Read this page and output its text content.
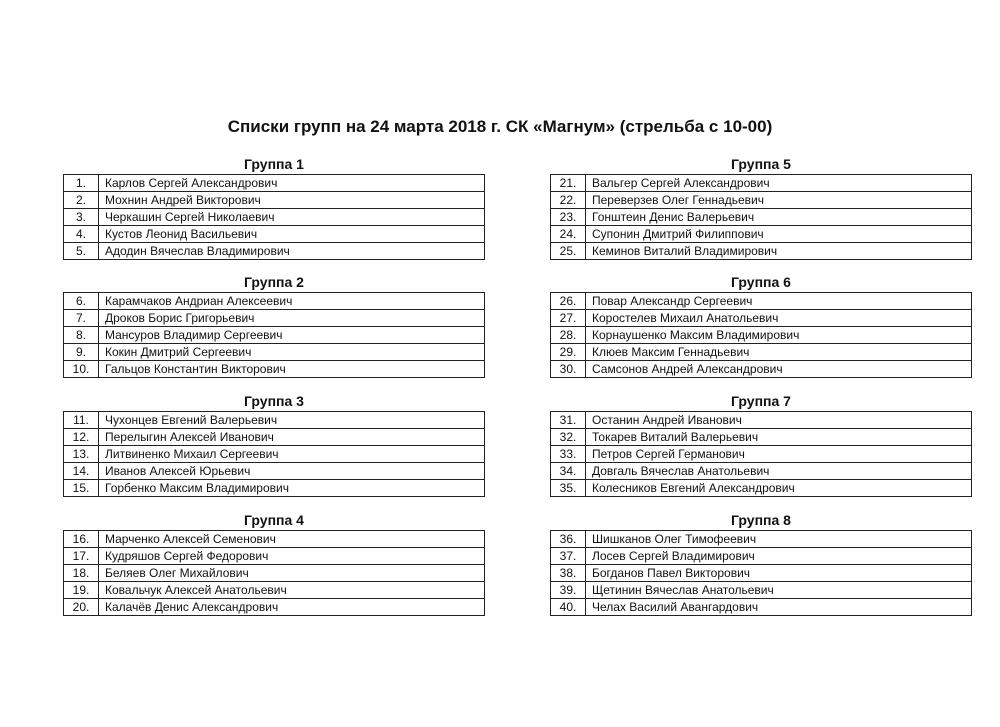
Списки групп на 24 марта 2018 г. СК «Магнум» (стрельба с 10-00)
Группа 1
1.	Карлов Сергей Александрович
2.	Мохнин Андрей Викторович
3.	Черкашин Сергей Николаевич
4.	Кустов Леонид Васильевич
5.	Адодин Вячеслав Владимирович
Группа 2
6.	Карамчаков Андриан Алексеевич
7.	Дроков Борис Григорьевич
8.	Мансуров Владимир Сергеевич
9.	Кокин Дмитрий Сергеевич
10.	Гальцов Константин Викторович
Группа 3
11.	Чухонцев Евгений Валерьевич
12.	Перелыгин Алексей Иванович
13.	Литвиненко Михаил Сергеевич
14.	Иванов Алексей Юрьевич
15.	Горбенко Максим Владимирович
Группа 4
16.	Марченко Алексей Семенович
17.	Кудряшов Сергей Федорович
18.	Беляев Олег Михайлович
19.	Ковальчук Алексей Анатольевич
20.	Калачёв Денис Александрович
Группа 5
21.	Вальгер Сергей Александрович
22.	Переверзев Олег Геннадьевич
23.	Гонштеин Денис Валерьевич
24.	Супонин Дмитрий Филиппович
25.	Кеминов Виталий Владимирович
Группа 6
26.	Повар Александр Сергеевич
27.	Коростелев Михаил Анатольевич
28.	Корнаушенко Максим Владимирович
29.	Клюев Максим Геннадьевич
30.	Самсонов Андрей Александрович
Группа 7
31.	Останин Андрей Иванович
32.	Токарев Виталий Валерьевич
33.	Петров Сергей Германович
34.	Довгаль Вячеслав Анатольевич
35.	Колесников Евгений Александрович
Группа 8
36.	Шишканов Олег Тимофеевич
37.	Лосев Сергей Владимирович
38.	Богданов Павел Викторович
39.	Щетинин Вячеслав Анатольевич
40.	Челах Василий Авангардович
